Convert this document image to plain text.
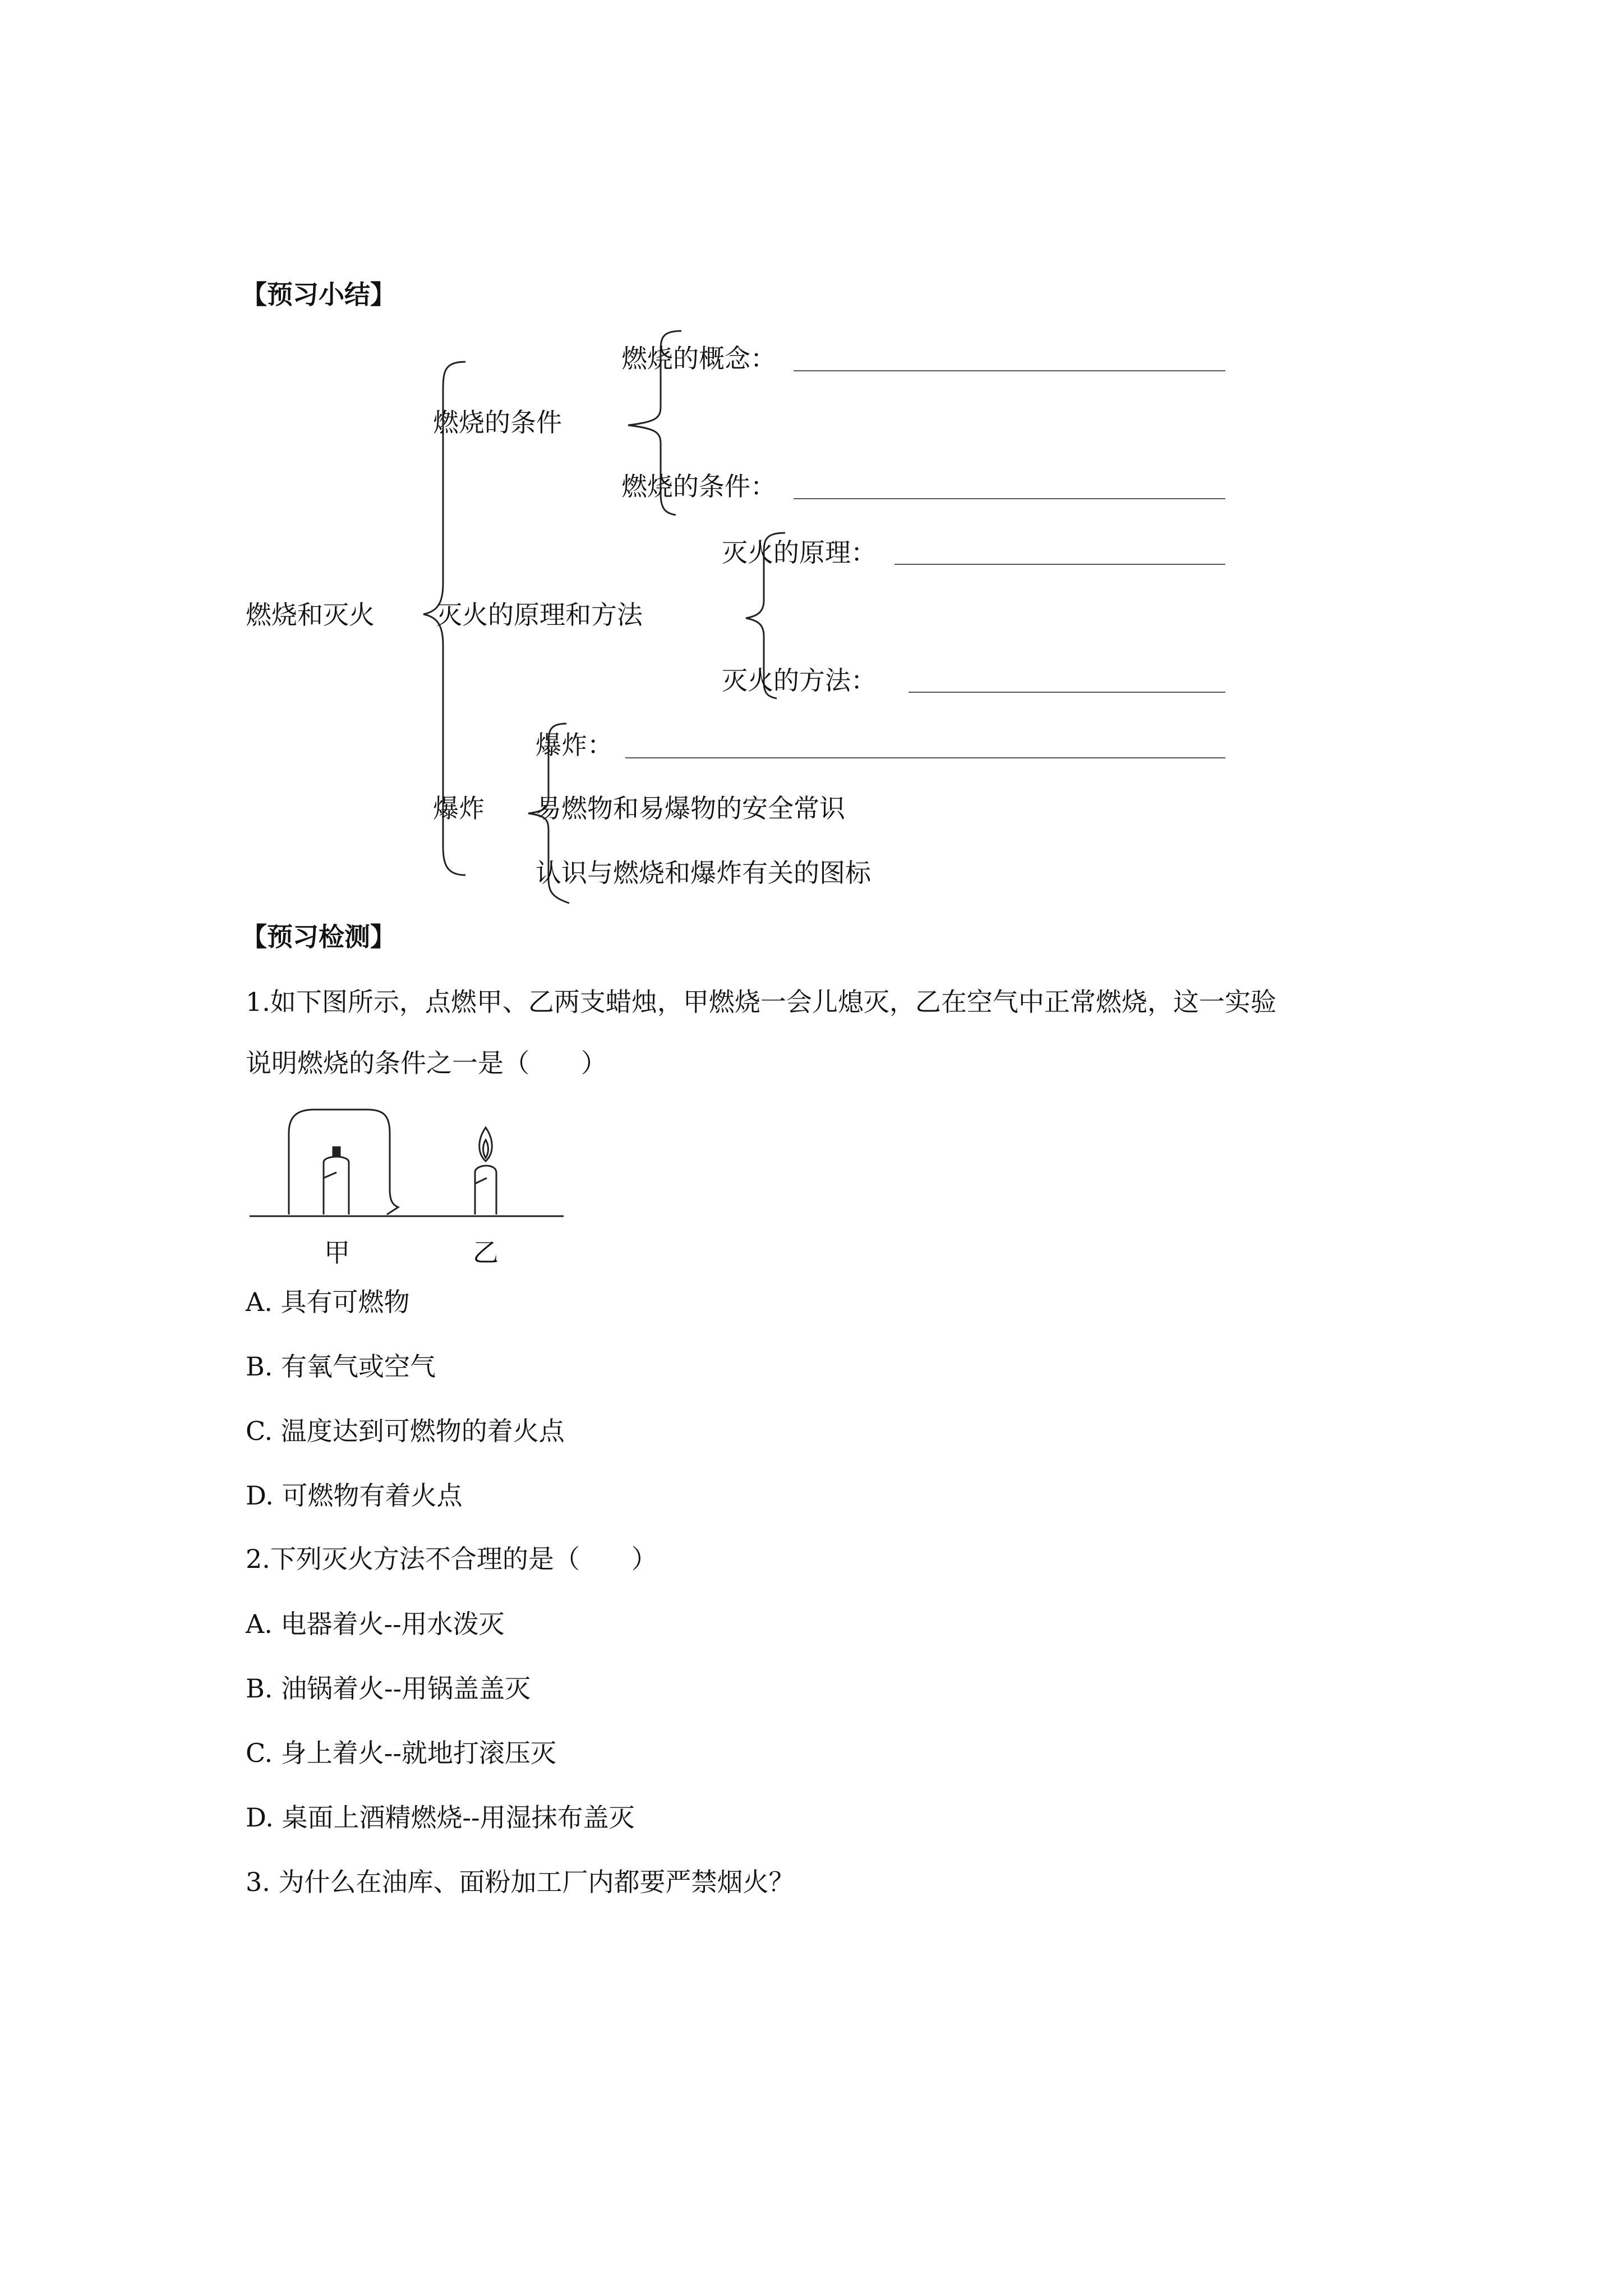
【预习小结】
燃烧和灭火
燃烧的条件
燃烧的概念：
燃烧的条件：
灭火的原理和方法
灭火的原理：
灭火的方法：
爆炸
爆炸：
易燃物和易爆物的安全常识
认识与燃烧和爆炸有关的图标
【预习检测】
1.如下图所示，点燃甲、乙两支蜡烛，甲燃烧一会儿熄灭，乙在空气中正常燃烧，这一实验
说明燃烧的条件之一是（　　）
甲	乙
A. 具有可燃物
B. 有氧气或空气
C. 温度达到可燃物的着火点
D. 可燃物有着火点
2.下列灭火方法不合理的是（　　）
A. 电器着火--用水泼灭
B. 油锅着火--用锅盖盖灭
C. 身上着火--就地打滚压灭
D. 桌面上酒精燃烧--用湿抹布盖灭
3. 为什么在油库、面粉加工厂内都要严禁烟火？
